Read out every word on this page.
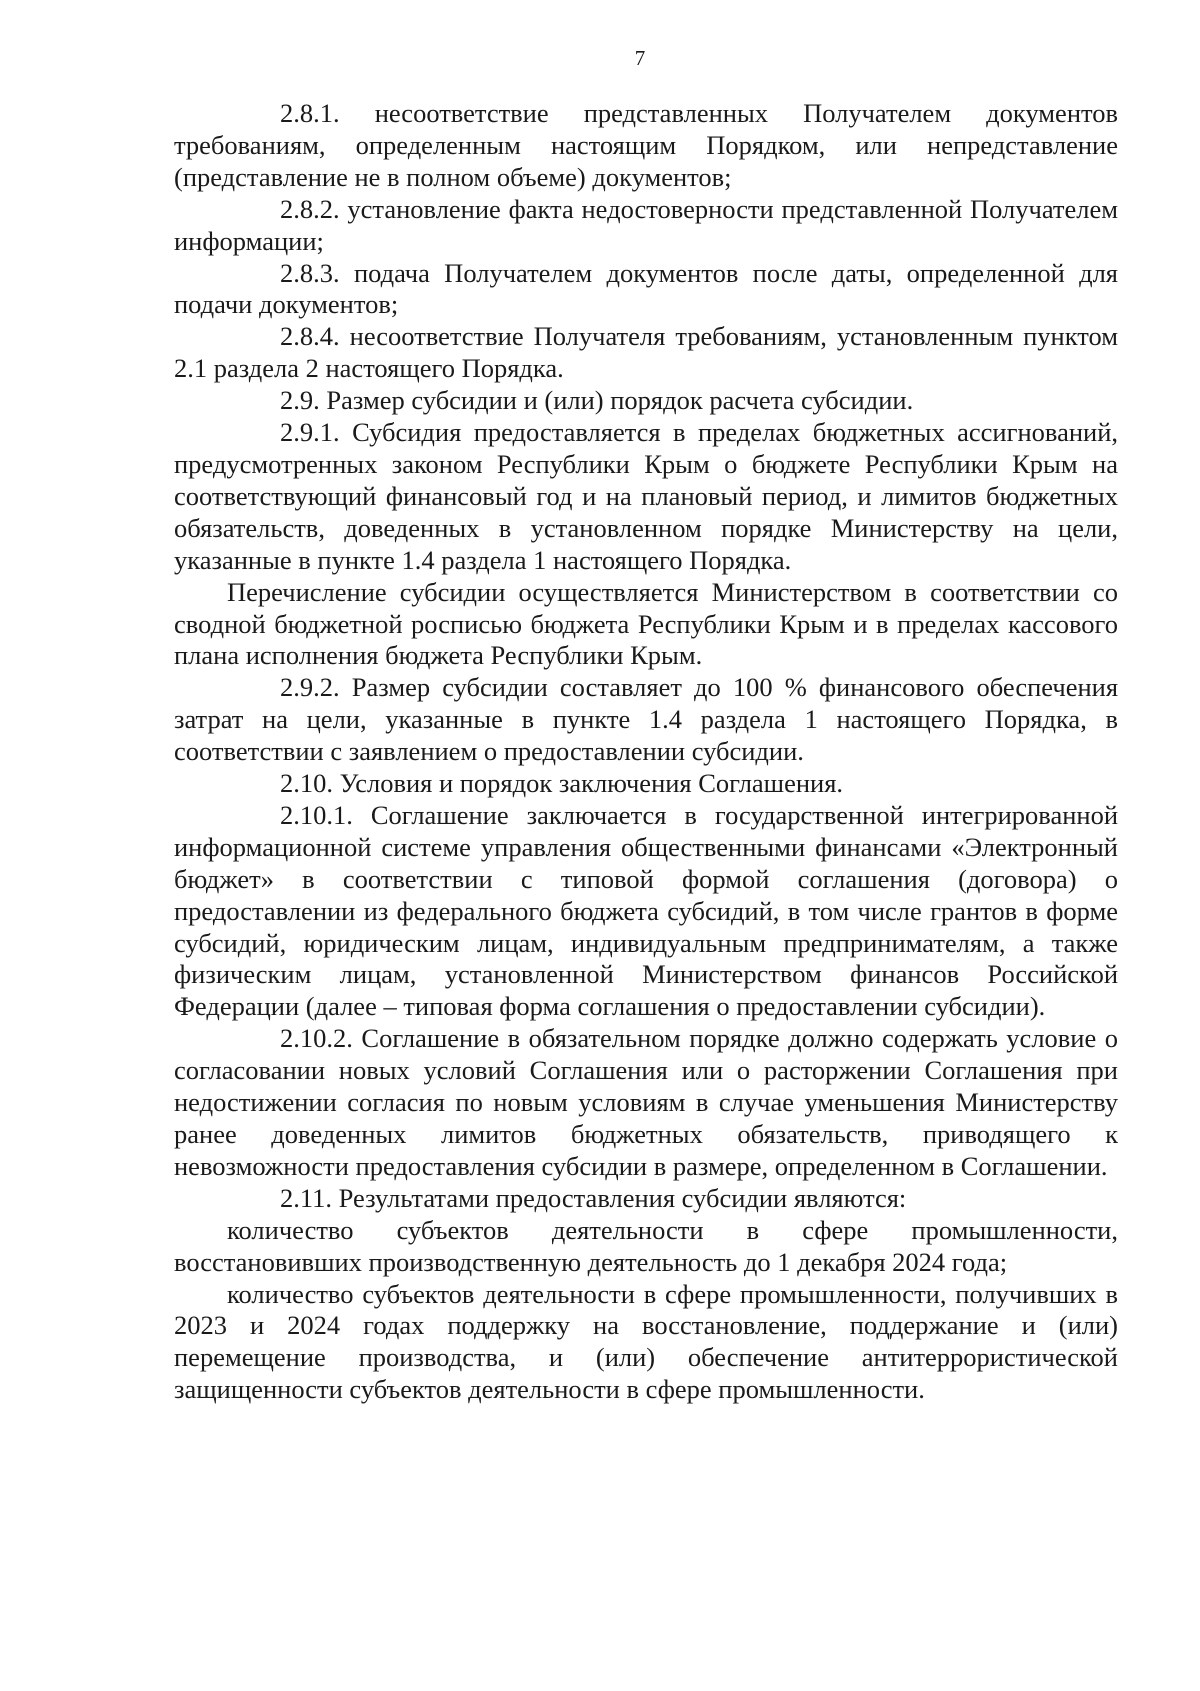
7

2.8.1. несоответствие представленных Получателем документов требованиям, определенным настоящим Порядком, или непредставление (представление не в полном объеме) документов;

2.8.2. установление факта недостоверности представленной Получателем информации;

2.8.3. подача Получателем документов после даты, определенной для подачи документов;

2.8.4. несоответствие Получателя требованиям, установленным пунктом 2.1 раздела 2 настоящего Порядка.

2.9. Размер субсидии и (или) порядок расчета субсидии.

2.9.1. Субсидия предоставляется в пределах бюджетных ассигнований, предусмотренных законом Республики Крым о бюджете Республики Крым на соответствующий финансовый год и на плановый период, и лимитов бюджетных обязательств, доведенных в установленном порядке Министерству на цели, указанные в пункте 1.4 раздела 1 настоящего Порядка.

Перечисление субсидии осуществляется Министерством в соответствии со сводной бюджетной росписью бюджета Республики Крым и в пределах кассового плана исполнения бюджета Республики Крым.

2.9.2. Размер субсидии составляет до 100 % финансового обеспечения затрат на цели, указанные в пункте 1.4 раздела 1 настоящего Порядка, в соответствии с заявлением о предоставлении субсидии.

2.10. Условия и порядок заключения Соглашения.

2.10.1. Соглашение заключается в государственной интегрированной информационной системе управления общественными финансами «Электронный бюджет» в соответствии с типовой формой соглашения (договора) о предоставлении из федерального бюджета субсидий, в том числе грантов в форме субсидий, юридическим лицам, индивидуальным предпринимателям, а также физическим лицам, установленной Министерством финансов Российской Федерации (далее – типовая форма соглашения о предоставлении субсидии).

2.10.2. Соглашение в обязательном порядке должно содержать условие о согласовании новых условий Соглашения или о расторжении Соглашения при недостижении согласия по новым условиям в случае уменьшения Министерству ранее доведенных лимитов бюджетных обязательств, приводящего к невозможности предоставления субсидии в размере, определенном в Соглашении.

2.11. Результатами предоставления субсидии являются:

количество субъектов деятельности в сфере промышленности, восстановивших производственную деятельность до 1 декабря 2024 года;

количество субъектов деятельности в сфере промышленности, получивших в 2023 и 2024 годах поддержку на восстановление, поддержание и (или) перемещение производства, и (или) обеспечение антитеррористической защищенности субъектов деятельности в сфере промышленности.
